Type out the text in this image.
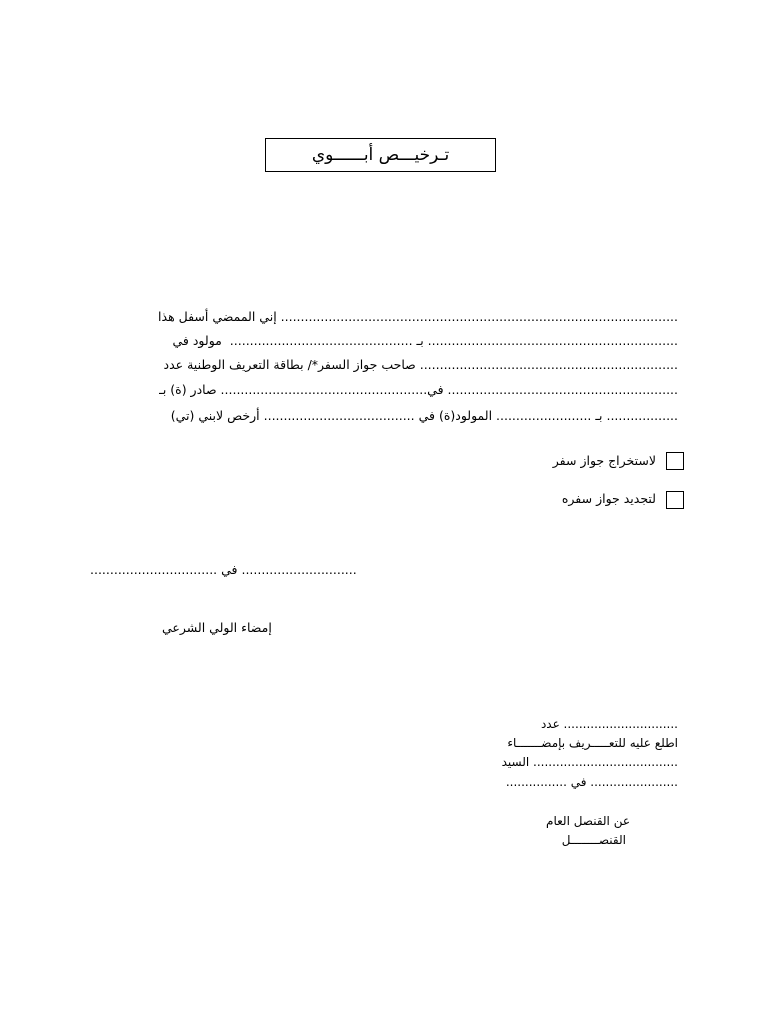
تـرخيـــص أبــــــوي
.................................................................................................... إني الممضي أسفل هذا
............................................................... بـ ..............................................  مولود في
................................................................. صاحب جواز السفر*/ بطاقة التعريف الوطنية عدد
.......................................................... في.................................................... صادر (ة) بـ
.................. بـ ........................ المولود(ة) في ...................................... أرخص لابني (تي)
لاستخراج جواز سفر
لتجديد جواز سفره
............................. في ................................
إمضاء الولي الشرعي
.............................. عدد
اطلع عليه للتعـــــريف بإمضـــــــاء
...................................... السيد
....................... في ................
عن القنصل العام
القنصــــــــل
